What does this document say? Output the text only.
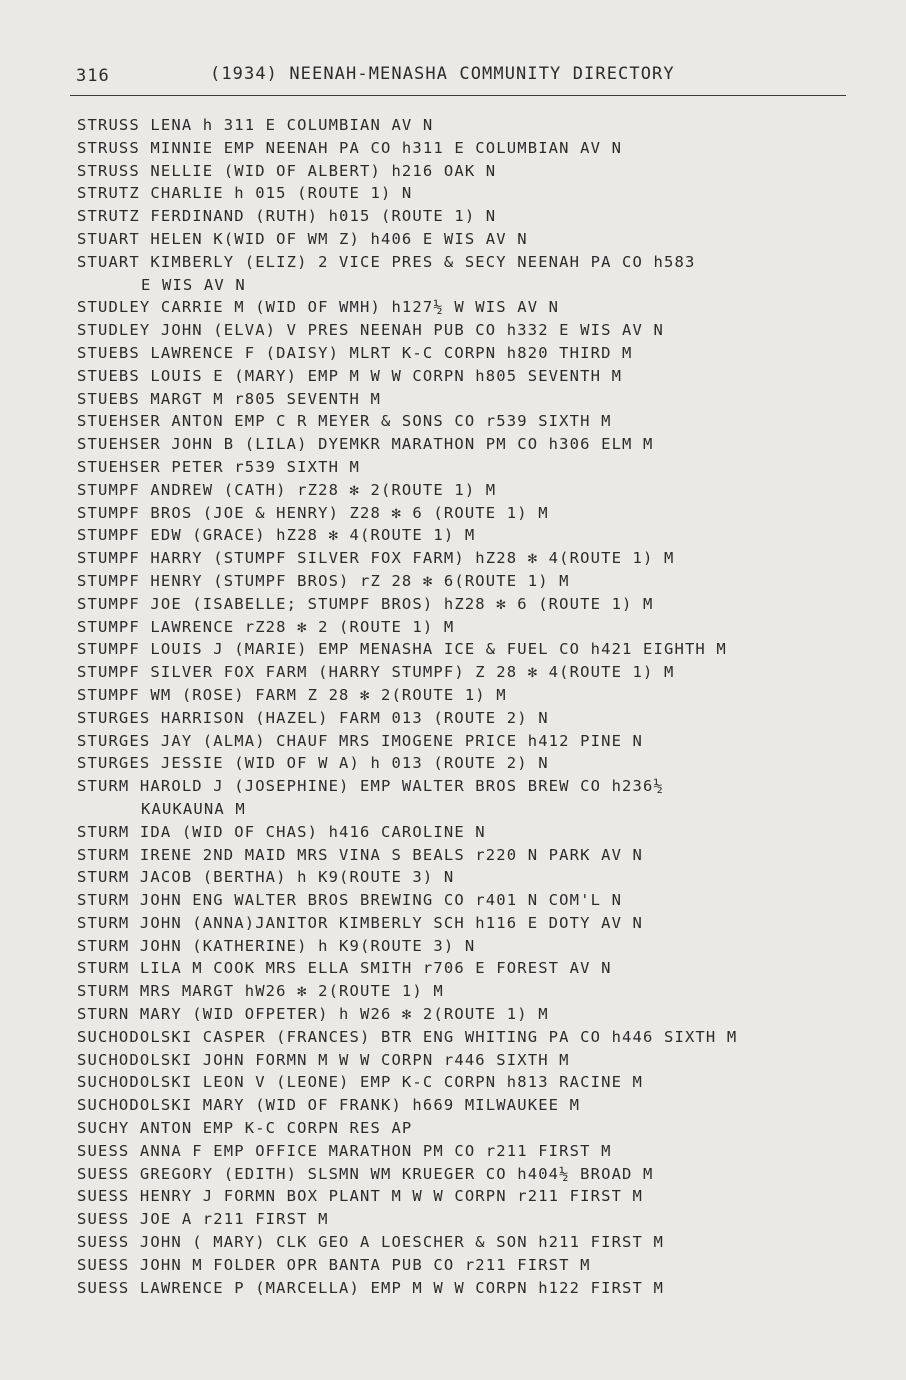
316	(1934) NEENAH-MENASHA COMMUNITY DIRECTORY
STRUSS LENA h 311 E COLUMBIAN AV N
STRUSS MINNIE EMP NEENAH PA CO h311 E COLUMBIAN AV N
STRUSS NELLIE (WID OF ALBERT) h216 OAK N
STRUTZ CHARLIE h 015 (ROUTE 1) N
STRUTZ FERDINAND (RUTH) h015 (ROUTE 1) N
STUART HELEN K(WID OF WM Z) h406 E WIS AV N
STUART KIMBERLY (ELIZ) 2 VICE PRES & SECY NEENAH PA CO h583
E WIS AV N
STUDLEY CARRIE M (WID OF WMH) h127½ W WIS AV N
STUDLEY JOHN (ELVA) V PRES NEENAH PUB CO h332 E WIS AV N
STUEBS LAWRENCE F (DAISY) MLRT K-C CORPN h820 THIRD M
STUEBS LOUIS E (MARY) EMP M W W CORPN h805 SEVENTH M
STUEBS MARGT M r805 SEVENTH M
STUEHSER ANTON EMP C R MEYER & SONS CO r539 SIXTH M
STUEHSER JOHN B (LILA) DYEMKR MARATHON PM CO h306 ELM M
STUEHSER PETER r539 SIXTH M
STUMPF ANDREW (CATH) rZ28 ✻ 2(ROUTE 1) M
STUMPF BROS (JOE & HENRY) Z28 ✻ 6 (ROUTE 1) M
STUMPF EDW (GRACE) hZ28 ✻ 4(ROUTE 1) M
STUMPF HARRY (STUMPF SILVER FOX FARM) hZ28 ✻ 4(ROUTE 1) M
STUMPF HENRY (STUMPF BROS) rZ 28 ✻ 6(ROUTE 1) M
STUMPF JOE (ISABELLE; STUMPF BROS) hZ28 ✻ 6 (ROUTE 1) M
STUMPF LAWRENCE rZ28 ✻ 2 (ROUTE 1) M
STUMPF LOUIS J (MARIE) EMP MENASHA ICE & FUEL CO h421 EIGHTH M
STUMPF SILVER FOX FARM (HARRY STUMPF) Z 28 ✻ 4(ROUTE 1) M
STUMPF WM (ROSE) FARM Z 28 ✻ 2(ROUTE 1) M
STURGES HARRISON (HAZEL) FARM 013 (ROUTE 2) N
STURGES JAY (ALMA) CHAUF MRS IMOGENE PRICE h412 PINE N
STURGES JESSIE (WID OF W A) h 013 (ROUTE 2) N
STURM HAROLD J (JOSEPHINE) EMP WALTER BROS BREW CO h236½
KAUKAUNA M
STURM IDA (WID OF CHAS) h416 CAROLINE N
STURM IRENE 2ND MAID MRS VINA S BEALS r220 N PARK AV N
STURM JACOB (BERTHA) h K9(ROUTE 3) N
STURM JOHN ENG WALTER BROS BREWING CO r401 N COM'L N
STURM JOHN (ANNA)JANITOR KIMBERLY SCH h116 E DOTY AV N
STURM JOHN (KATHERINE) h K9(ROUTE 3) N
STURM LILA M COOK MRS ELLA SMITH r706 E FOREST AV N
STURM MRS MARGT hW26 ✻ 2(ROUTE 1) M
STURN MARY (WID OFPETER) h W26 ✻ 2(ROUTE 1) M
SUCHODOLSKI CASPER (FRANCES) BTR ENG WHITING PA CO h446 SIXTH M
SUCHODOLSKI JOHN FORMN M W W CORPN r446 SIXTH M
SUCHODOLSKI LEON V (LEONE) EMP K-C CORPN h813 RACINE M
SUCHODOLSKI MARY (WID OF FRANK) h669 MILWAUKEE M
SUCHY ANTON EMP K-C CORPN RES AP
SUESS ANNA F EMP OFFICE MARATHON PM CO r211 FIRST M
SUESS GREGORY (EDITH) SLSMN WM KRUEGER CO h404½ BROAD M
SUESS HENRY J FORMN BOX PLANT M W W CORPN r211 FIRST M
SUESS JOE A r211 FIRST M
SUESS JOHN ( MARY) CLK GEO A LOESCHER & SON h211 FIRST M
SUESS JOHN M FOLDER OPR BANTA PUB CO r211 FIRST M
SUESS LAWRENCE P (MARCELLA) EMP M W W CORPN h122 FIRST M
